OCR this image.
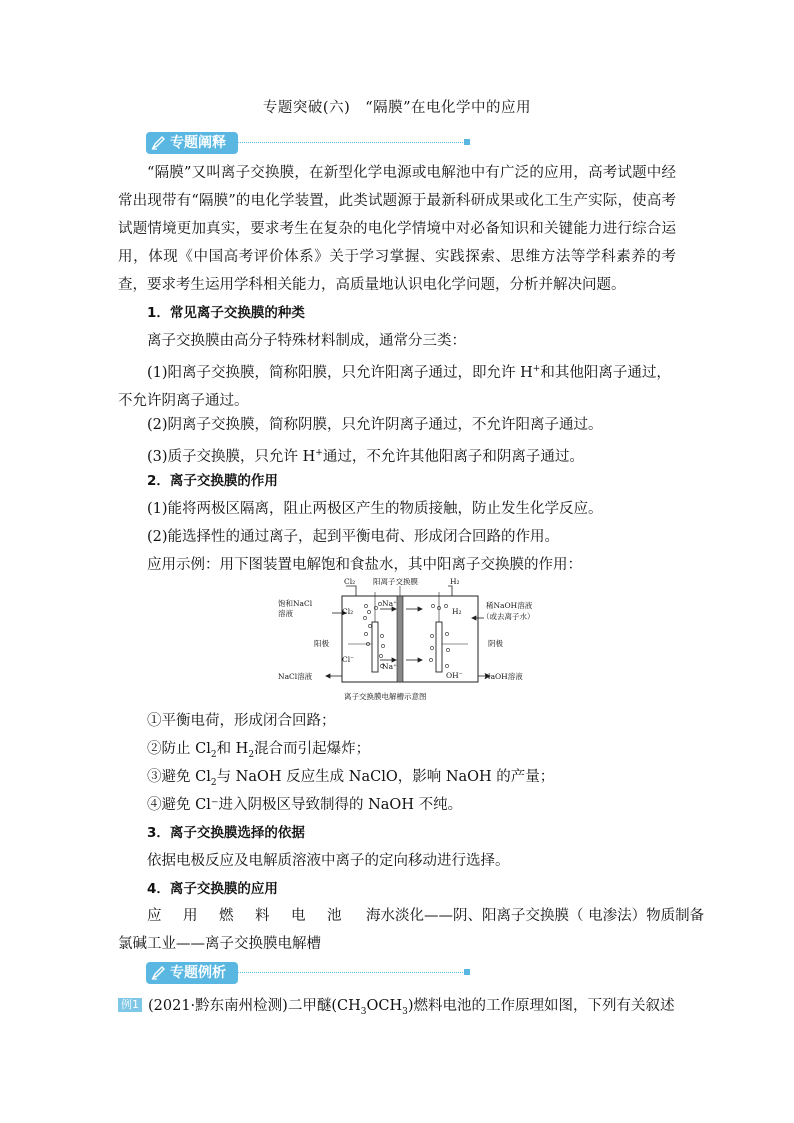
专题突破(六)　“隔膜”在电化学中的应用
专题阐释
“隔膜”又叫离子交换膜，在新型化学电源或电解池中有广泛的应用，高考试题中经常出现带有“隔膜”的电化学装置，此类试题源于最新科研成果或化工生产实际，使高考试题情境更加真实，要求考生在复杂的电化学情境中对必备知识和关键能力进行综合运用，体现《中国高考评价体系》关于学习掌握、实践探索、思维方法等学科素养的考查，要求考生运用学科相关能力，高质量地认识电化学问题，分析并解决问题。
1．常见离子交换膜的种类
离子交换膜由高分子特殊材料制成，通常分三类：
(1)阳离子交换膜，简称阳膜，只允许阳离子通过，即允许 H+和其他阳离子通过，不允许阴离子通过。
(2)阴离子交换膜，简称阴膜，只允许阴离子通过，不允许阳离子通过。
(3)质子交换膜，只允许 H+通过，不允许其他阳离子和阴离子通过。
2．离子交换膜的作用
(1)能将两极区隔离，阻止两极区产生的物质接触，防止发生化学反应。
(2)能选择性的通过离子，起到平衡电荷、形成闭合回路的作用。
应用示例：用下图装置电解饱和食盐水，其中阳离子交换膜的作用：
Cl₂ 阳离子交换膜	H₂
饱和NaCl
溶液
阳极
Cl⁻
NaCl溶液
Cl₂
Na⁺
Na⁺
H₂
稀NaOH溶液
（或去离子水）
阴极
OH⁻	NaOH溶液
离子交换膜电解槽示意图
①平衡电荷，形成闭合回路；
②防止 $Cl_2$和 $H_2$混合而引起爆炸；
③避免 $Cl_2$与 NaOH 反应生成 NaClO，影响 NaOH 的产量；
④避免 Cl⁻进入阴极区导致制得的 NaOH 不纯。
3．离子交换膜选择的依据
依据电极反应及电解质溶液中离子的定向移动进行选择。
4．离子交换膜的应用
应 用 燃 料 电 池 海水淡化——阴、阳离子交换膜（ 电渗法）物质制备
氯碱工业——离子交换膜电解槽
专题例析
例1 (2021·黔东南州检测)二甲醚$(CH_3OCH_3)$燃料电池的工作原理如图，下列有关叙述
